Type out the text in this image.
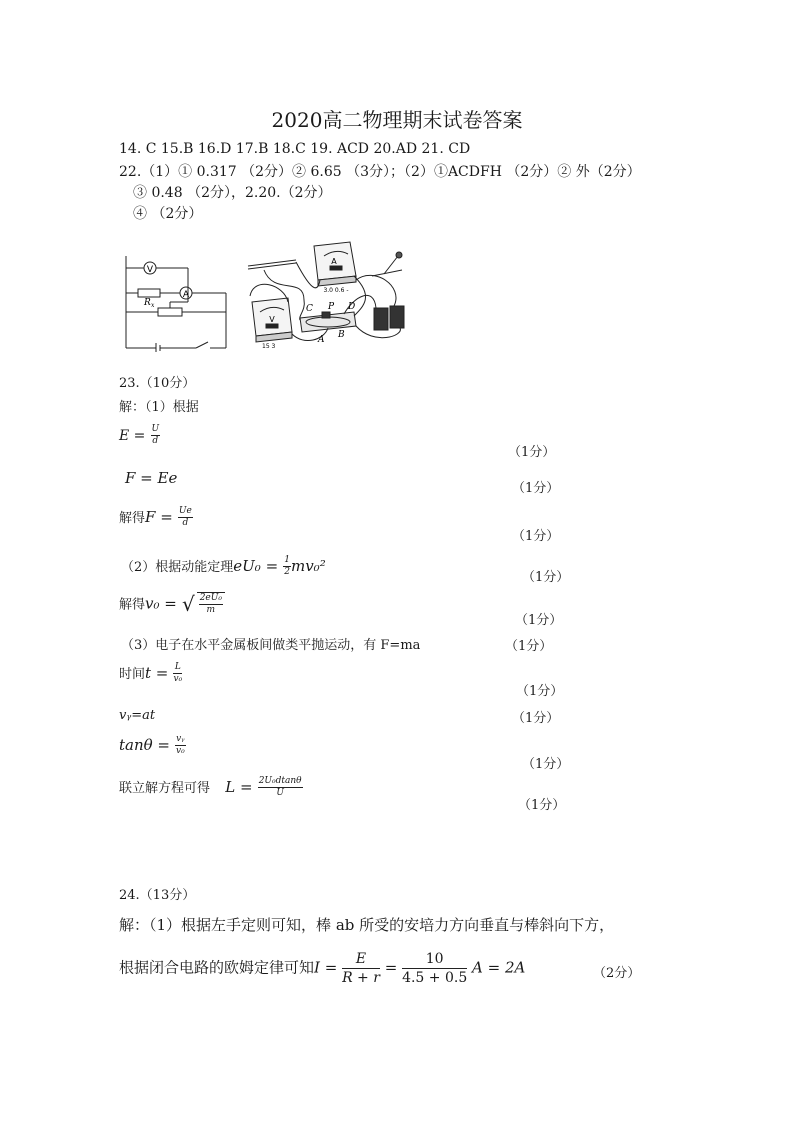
2020高二物理期末试卷答案
14. C 15.B 16.D 17.B 18.C 19. ACD 20.AD 21. CD
22.（1）① 0.317 （2分）② 6.65 （3分）；（2）①ACDFH （2分）② 外（2分）
③ 0.48 （2分），2.20.（2分）
④ （2分）
V
A
R x
A
3.0 0.6 -
V
15 3
C P D
A B
23.（10分）
解：（1）根据
$E = \frac{U}{d}$
（1分）
F = Ee
（1分）
解得$F = \frac{Ue}{d}$
（1分）
（2）根据动能定理$eU_0 = \frac{1}{2} mv_0^2$
（1分）
解得v₀ = √ $\frac{\text{2eU₀}}{m}$
（1分）
（3）电子在水平金属板间做类平抛运动，有 F=ma	（1分）
时间$t = \frac{L}{\text{v₀}}$
（1分）
vᵧ=at	（1分）
$\tan\theta = \frac{\text{vᵧ}}{\text{v₀}}$
（1分）
联立解方程可得 $L = \frac{\text{2U₀dtanθ}}{U}$
（1分）
24.（13分）
解：（1）根据左手定则可知，棒 ab 所受的安培力方向垂直与棒斜向下方，
根据闭合电路的欧姆定律可知$I = \frac{E}{R + r} = \frac{10}{4.5 + 0.5}$ A = 2A	（2分）
